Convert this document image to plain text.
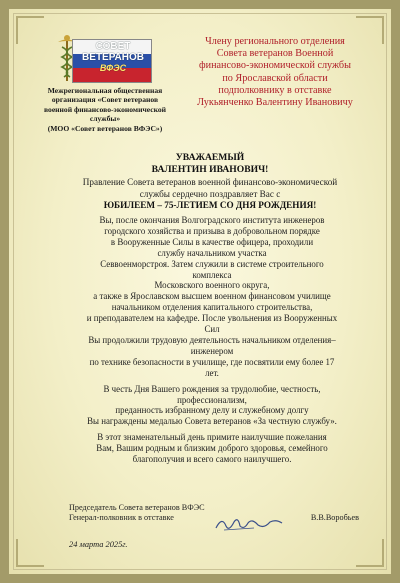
СОВЕТ
ВЕТЕРАНОВ
ВФЭС
Межрегиональная общественная
организация «Совет ветеранов
военной финансово-экономической
службы»
(МОО «Совет ветеранов ВФЭС»)
Члену регионального отделения
Совета ветеранов Военной
финансово-экономической службы
по Ярославской области
подполковнику в отставке
Лукьянченко Валентину Ивановичу
УВАЖАЕМЫЙ
ВАЛЕНТИН ИВАНОВИЧ!
Правление Совета ветеранов военной финансово-экономической
службы сердечно поздравляет Вас с
ЮБИЛЕЕМ – 75-ЛЕТИЕМ СО ДНЯ РОЖДЕНИЯ!

Вы, после окончания Волгоградского института инженеров
городского хозяйства и призыва в добровольном порядке
в Вооруженные Силы в качестве офицера, проходили
службу начальником участка
Севвоенморстроя. Затем служили в системе строительного
комплекса
Московского военного округа,
а также в Ярославском высшем военном финансовом училище
начальником отделения капитального строительства,
и преподавателем на кафедре. После увольнения из Вооруженных
Сил
Вы продолжили трудовую деятельность начальником отделения–
инженером
по технике безопасности в училище, где посвятили ему более 17
лет.

В честь Дня Вашего рождения за трудолюбие, честность,
профессионализм,
преданность избранному делу и служебному долгу
Вы награждены медалью Совета ветеранов «За честную службу».

В этот знаменательный день примите наилучшие пожелания
Вам, Вашим родным и близким доброго здоровья, семейного
благополучия и всего самого наилучшего.

Председатель Совета ветеранов ВФЭС
Генерал-полковник в отставке	В.В.Воробьев
24 марта 2025г.
